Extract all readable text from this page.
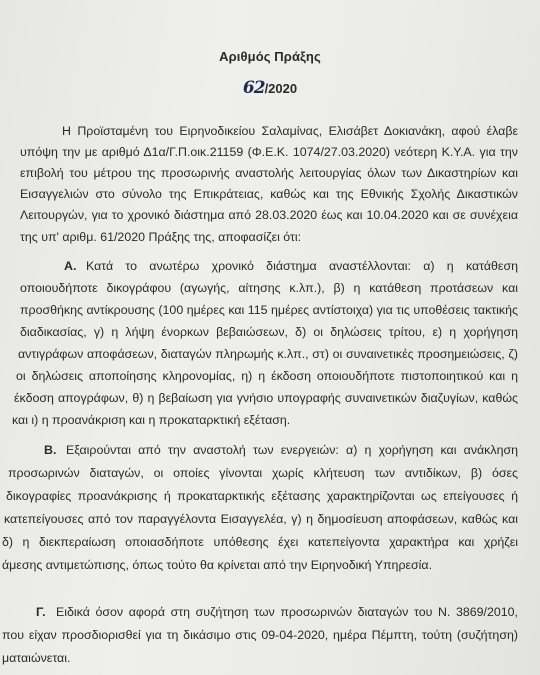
Αριθμός Πράξης
62/2020
Η Προϊσταμένη του Ειρηνοδικείου Σαλαμίνας, Ελισάβετ Δοκιανάκη, αφού έλαβε
υπόψη την με αριθμό Δ1α/Γ.Π.οικ.21159 (Φ.Ε.Κ. 1074/27.03.2020) νεότερη Κ.Υ.Α. για την
επιβολή του μέτρου της προσωρινής αναστολής λειτουργίας όλων των Δικαστηρίων και
Εισαγγελιών στο σύνολο της Επικράτειας, καθώς και της Εθνικής Σχολής Δικαστικών
Λειτουργών, για το χρονικό διάστημα από 28.03.2020 έως και 10.04.2020 και σε συνέχεια
της υπ' αριθμ. 61/2020 Πράξης της, αποφασίζει ότι:
Α. Κατά το ανωτέρω χρονικό διάστημα αναστέλλονται: α) η κατάθεση
οποιουδήποτε δικογράφου (αγωγής, αίτησης κ.λπ.), β) η κατάθεση προτάσεων και
προσθήκης αντίκρουσης (100 ημέρες και 115 ημέρες αντίστοιχα) για τις υποθέσεις τακτικής
διαδικασίας, γ) η λήψη ένορκων βεβαιώσεων, δ) οι δηλώσεις τρίτου, ε) η χορήγηση
αντιγράφων αποφάσεων, διαταγών πληρωμής κ.λπ., στ) οι συναινετικές προσημειώσεις, ζ)
οι δηλώσεις αποποίησης κληρονομίας, η) η έκδοση οποιουδήποτε πιστοποιητικού και η
έκδοση απογράφων, θ) η βεβαίωση για γνήσιο υπογραφής συναινετικών διαζυγίων, καθώς
και ι) η προανάκριση και η προκαταρκτική εξέταση.
Β. Εξαιρούνται από την αναστολή των ενεργειών: α) η χορήγηση και ανάκληση
προσωρινών διαταγών, οι οποίες γίνονται χωρίς κλήτευση των αντιδίκων, β) όσες
δικογραφίες προανάκρισης ή προκαταρκτικής εξέτασης χαρακτηρίζονται ως επείγουσες ή
κατεπείγουσες από τον παραγγέλοντα Εισαγγελέα, γ) η δημοσίευση αποφάσεων, καθώς και
δ) η διεκπεραίωση οποιασδήποτε υπόθεσης έχει κατεπείγοντα χαρακτήρα και χρήζει
άμεσης αντιμετώπισης, όπως τούτο θα κρίνεται από την Ειρηνοδική Υπηρεσία.
Γ. Ειδικά όσον αφορά στη συζήτηση των προσωρινών διαταγών του Ν. 3869/2010,
που είχαν προσδιορισθεί για τη δικάσιμο στις 09-04-2020, ημέρα Πέμπτη, τούτη (συζήτηση)
ματαιώνεται.
